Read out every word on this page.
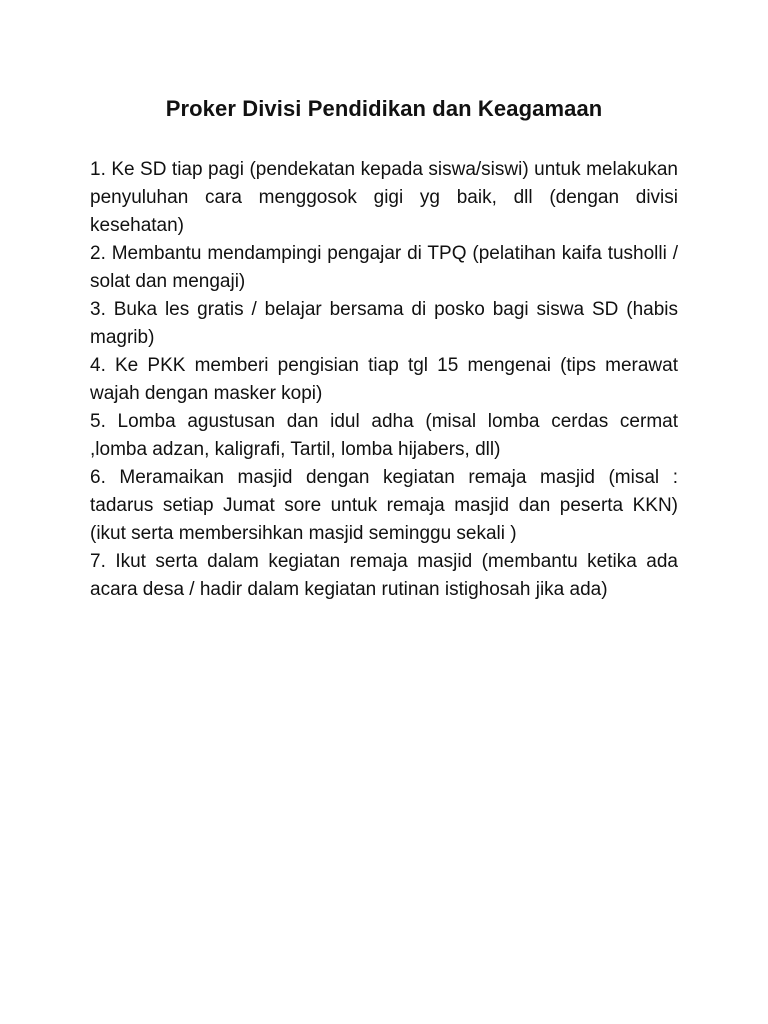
Proker Divisi Pendidikan dan Keagamaan
1. Ke SD tiap pagi (pendekatan kepada siswa/siswi) untuk melakukan penyuluhan cara menggosok gigi yg baik, dll (dengan divisi kesehatan)
2. Membantu mendampingi pengajar di TPQ (pelatihan kaifa tusholli / solat dan mengaji)
3. Buka les gratis / belajar bersama di posko bagi siswa SD (habis magrib)
4. Ke PKK memberi pengisian tiap tgl 15 mengenai (tips merawat wajah dengan masker kopi)
5. Lomba agustusan dan idul adha (misal lomba cerdas cermat ,lomba adzan, kaligrafi, Tartil, lomba hijabers, dll)
6. Meramaikan masjid dengan kegiatan remaja masjid (misal : tadarus setiap Jumat sore untuk remaja masjid dan peserta KKN) (ikut serta membersihkan masjid seminggu sekali )
7. Ikut serta dalam kegiatan remaja masjid (membantu ketika ada acara desa / hadir dalam kegiatan rutinan istighosah jika ada)
